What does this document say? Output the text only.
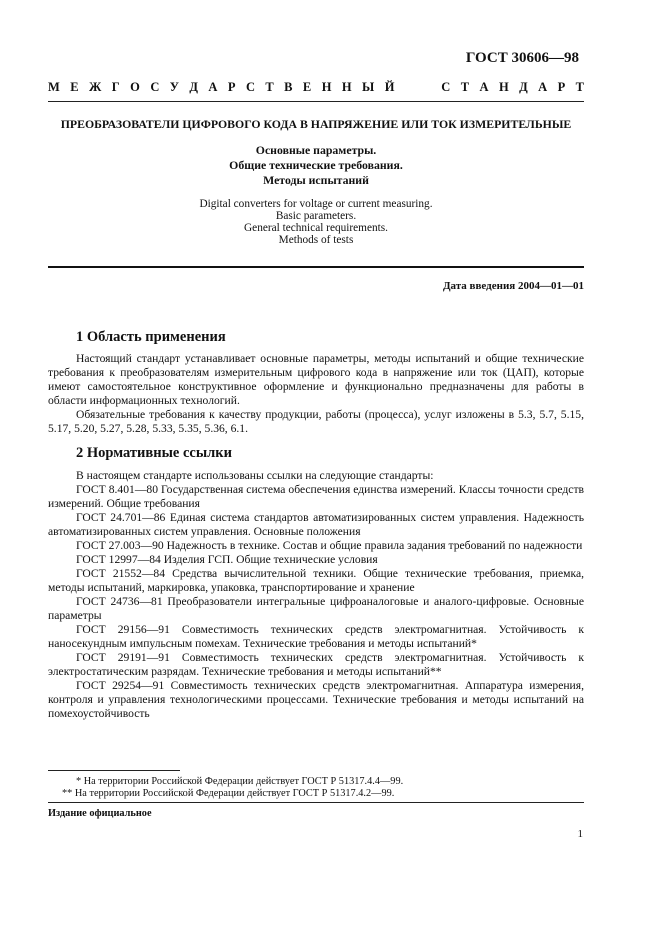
ГОСТ 30606—98
М Е Ж Г О С У Д А Р С Т В Е Н Н Ы Й	С Т А Н Д А Р Т
ПРЕОБРАЗОВАТЕЛИ ЦИФРОВОГО КОДА В НАПРЯЖЕНИЕ ИЛИ ТОК ИЗМЕРИТЕЛЬНЫЕ
Основные параметры.
Общие технические требования.
Методы испытаний
Digital converters for voltage or current measuring.
Basic parameters.
General technical requirements.
Methods of tests
Дата введения 2004—01—01
1 Область применения

Настоящий стандарт устанавливает основные параметры, методы испытаний и общие технические требования к преобразователям измерительным цифрового кода в напряжение или ток (ЦАП), которые имеют самостоятельное конструктивное оформление и функционально предназначены для работы в области информационных технологий.

Обязательные требования к качеству продукции, работы (процесса), услуг изложены в 5.3, 5.7, 5.15, 5.17, 5.20, 5.27, 5.28, 5.33, 5.35, 5.36, 6.1.

2 Нормативные ссылки

В настоящем стандарте использованы ссылки на следующие стандарты:

ГОСТ 8.401—80 Государственная система обеспечения единства измерений. Классы точности средств измерений. Общие требования

ГОСТ 24.701—86 Единая система стандартов автоматизированных систем управления. Надежность автоматизированных систем управления. Основные положения

ГОСТ 27.003—90 Надежность в технике. Состав и общие правила задания требований по надежности

ГОСТ 12997—84 Изделия ГСП. Общие технические условия

ГОСТ 21552—84 Средства вычислительной техники. Общие технические требования, приемка, методы испытаний, маркировка, упаковка, транспортирование и хранение

ГОСТ 24736—81 Преобразователи интегральные цифроаналоговые и аналого-цифровые. Основные параметры

ГОСТ 29156—91 Совместимость технических средств электромагнитная. Устойчивость к наносекундным импульсным помехам. Технические требования и методы испытаний*

ГОСТ 29191—91 Совместимость технических средств электромагнитная. Устойчивость к электростатическим разрядам. Технические требования и методы испытаний**

ГОСТ 29254—91 Совместимость технических средств электромагнитная. Аппаратура измерения, контроля и управления технологическими процессами. Технические требования и методы испытаний на помехоустойчивость

* На территории Российской Федерации действует ГОСТ Р 51317.4.4—99.
** На территории Российской Федерации действует ГОСТ Р 51317.4.2—99.
Издание официальное
1
